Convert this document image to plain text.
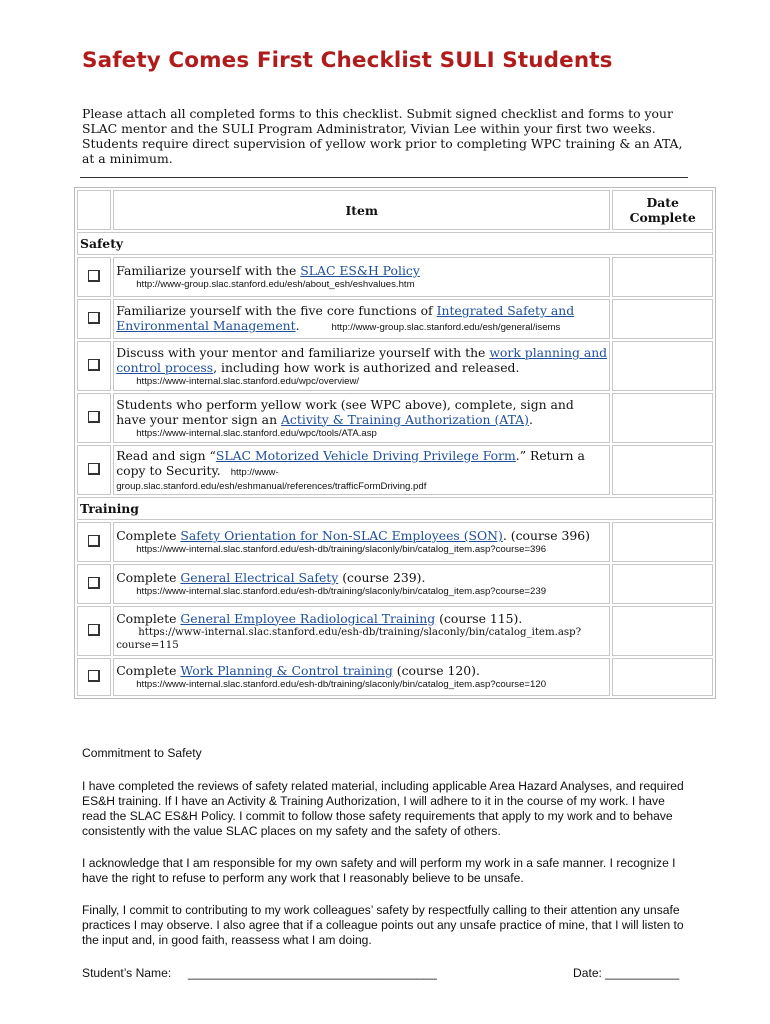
Safety Comes First Checklist SULI Students
Please attach all completed forms to this checklist. Submit signed checklist and forms to your SLAC mentor and the SULI Program Administrator, Vivian Lee within your first two weeks. Students require direct supervision of yellow work prior to completing WPC training & an ATA, at a minimum.
	Item	Date
Complete

Safety		
	Familiarize yourself with the SLAC ES&H Policy
http://www-group.slac.stanford.edu/esh/about_esh/eshvalues.htm	

	Familiarize yourself with the five core functions of Integrated Safety and Environmental Management. http://www-group.slac.stanford.edu/esh/general/isems	
	Discuss with your mentor and familiarize yourself with the work planning and control process, including how work is authorized and released.
https://www-internal.slac.stanford.edu/wpc/overview/	

	Students who perform yellow work (see WPC above), complete, sign and have your mentor sign an Activity & Training Authorization (ATA).
https://www-internal.slac.stanford.edu/wpc/tools/ATA.asp	

	Read and sign “SLAC Motorized Vehicle Driving Privilege Form.” Return a copy to Security. http://www-
group.slac.stanford.edu/esh/eshmanual/references/trafficFormDriving.pdf	

Training		
	Complete Safety Orientation for Non-SLAC Employees (SON). (course 396)
https://www-internal.slac.stanford.edu/esh-db/training/slaconly/bin/catalog_item.asp?course=396	

	Complete General Electrical Safety (course 239).
https://www-internal.slac.stanford.edu/esh-db/training/slaconly/bin/catalog_item.asp?course=239	

	Complete General Employee Radiological Training (course 115).
https://www-internal.slac.stanford.edu/esh-db/training/slaconly/bin/catalog_item.asp?
course=115	

	Complete Work Planning & Control training (course 120).
https://www-internal.slac.stanford.edu/esh-db/training/slaconly/bin/catalog_item.asp?course=120	

Commitment to Safety

I have completed the reviews of safety related material, including applicable Area Hazard Analyses, and required ES&H training. If I have an Activity & Training Authorization, I will adhere to it in the course of my work. I have read the SLAC ES&H Policy. I commit to follow those safety requirements that apply to my work and to behave consistently with the value SLAC places on my safety and the safety of others.

I acknowledge that I am responsible for my own safety and will perform my work in a safe manner. I recognize I have the right to refuse to perform any work that I reasonably believe to be unsafe.

Finally, I commit to contributing to my work colleagues’ safety by respectfully calling to their attention any unsafe practices I may observe. I also agree that if a colleague points out any unsafe practice of mine, that I will listen to the input and, in good faith, reassess what I am doing.

Student’s Name: _____________________________________	Date: ___________
